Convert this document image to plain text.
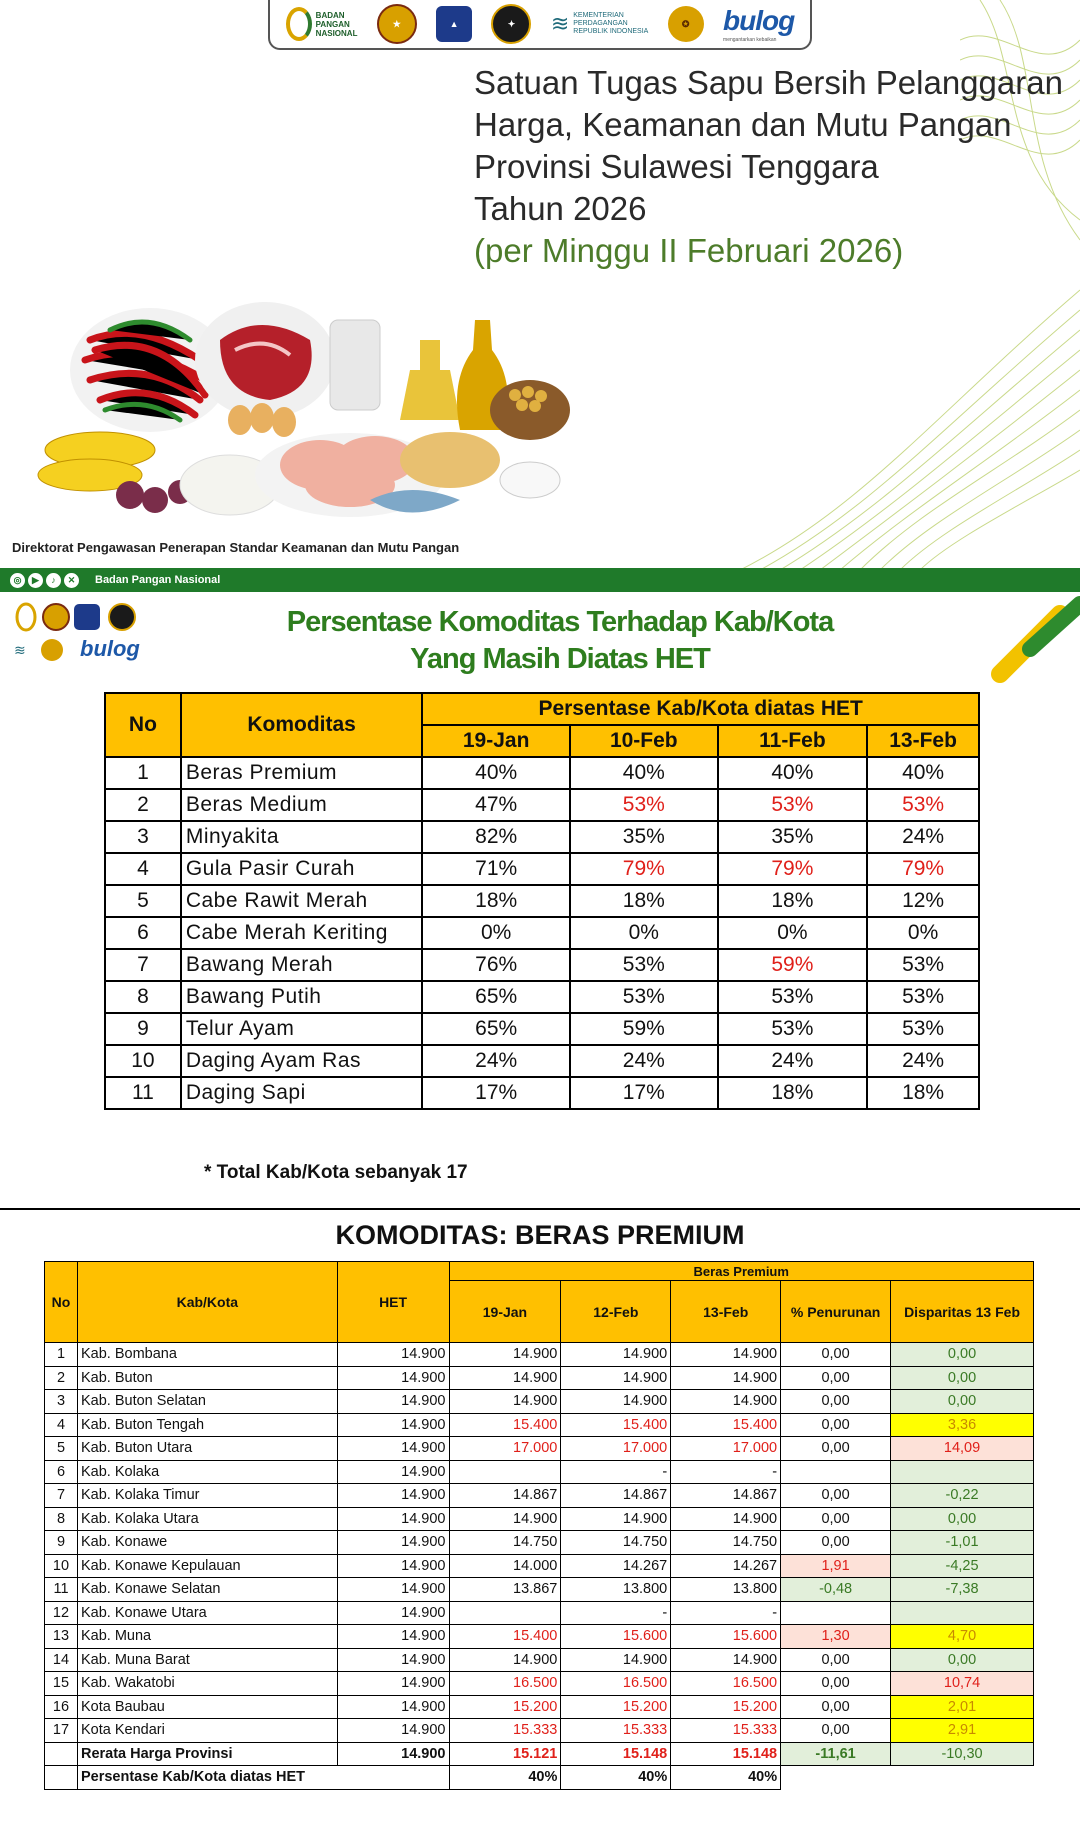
BADAN
PANGAN
NASIONAL
★	▲	✦	≋ KEMENTERIAN
PERDAGANGAN
REPUBLIK INDONESIA
✪	bulog
mengantarkan kebaikan
Satuan Tugas Sapu Bersih Pelanggaran
Harga, Keamanan dan Mutu Pangan
Provinsi Sulawesi Tenggara
Tahun 2026
(per Minggu II Februari 2026)
Direktorat Pengawasan Penerapan Standar Keamanan dan Mutu Pangan
◎	▶	♪	✕	Badan Pangan Nasional
≋ bulog
Persentase Komoditas Terhadap Kab/Kota
Yang Masih Diatas HET
No	Komoditas	Persentase Kab/Kota diatas HET			
		19-Jan	10-Feb	11-Feb	13-Feb
1	Beras Premium	40%	40%	40%	40%
2	Beras Medium	47%	53%	53%	53%
3	Minyakita	82%	35%	35%	24%
4	Gula Pasir Curah	71%	79%	79%	79%
5	Cabe Rawit Merah	18%	18%	18%	12%
6	Cabe Merah Keriting	0%	0%	0%	0%
7	Bawang Merah	76%	53%	59%	53%
8	Bawang Putih	65%	53%	53%	53%
9	Telur Ayam	65%	59%	53%	53%
10	Daging Ayam Ras	24%	24%	24%	24%
11	Daging Sapi	17%	17%	18%	18%
* Total Kab/Kota sebanyak 17
KOMODITAS: BERAS PREMIUM
No	Kab/Kota	HET	Beras Premium				
			19-Jan	12-Feb	13-Feb	% Penurunan	Disparitas 13 Feb
1	Kab. Bombana	14.900	14.900	14.900	14.900	0,00	0,00
2	Kab. Buton	14.900	14.900	14.900	14.900	0,00	0,00
3	Kab. Buton Selatan	14.900	14.900	14.900	14.900	0,00	0,00
4	Kab. Buton Tengah	14.900	15.400	15.400	15.400	0,00	3,36
5	Kab. Buton Utara	14.900	17.000	17.000	17.000	0,00	14,09
6	Kab. Kolaka	14.900		-	-		
7	Kab. Kolaka Timur	14.900	14.867	14.867	14.867	0,00	-0,22
8	Kab. Kolaka Utara	14.900	14.900	14.900	14.900	0,00	0,00
9	Kab. Konawe	14.900	14.750	14.750	14.750	0,00	-1,01
10	Kab. Konawe Kepulauan	14.900	14.000	14.267	14.267	1,91	-4,25
11	Kab. Konawe Selatan	14.900	13.867	13.800	13.800	-0,48	-7,38
12	Kab. Konawe Utara	14.900		-	-		
13	Kab. Muna	14.900	15.400	15.600	15.600	1,30	4,70
14	Kab. Muna Barat	14.900	14.900	14.900	14.900	0,00	0,00
15	Kab. Wakatobi	14.900	16.500	16.500	16.500	0,00	10,74
16	Kota Baubau	14.900	15.200	15.200	15.200	0,00	2,01
17	Kota Kendari	14.900	15.333	15.333	15.333	0,00	2,91
	Rerata Harga Provinsi	14.900	15.121	15.148	15.148	-11,61	-10,30
	Persentase Kab/Kota diatas HET		40%	40%	40%		
